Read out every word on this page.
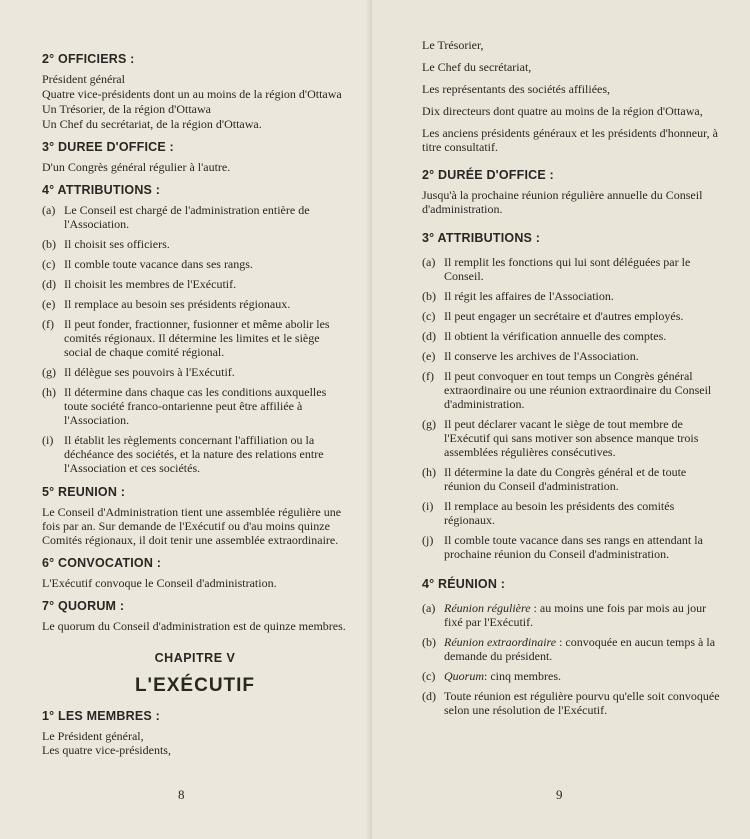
2° OFFICIERS :
Président général
Quatre vice-présidents dont un au moins de la région d'Ottawa
Un Trésorier, de la région d'Ottawa
Un Chef du secrétariat, de la région d'Ottawa.
3° DUREE D'OFFICE :
D'un Congrès général régulier à l'autre.
4° ATTRIBUTIONS :
(a) Le Conseil est chargé de l'administration entière de l'Association.
(b) Il choisit ses officiers.
(c) Il comble toute vacance dans ses rangs.
(d) Il choisit les membres de l'Exécutif.
(e) Il remplace au besoin ses présidents régionaux.
(f) Il peut fonder, fractionner, fusionner et même abolir les comités régionaux. Il détermine les limites et le siège social de chaque comité régional.
(g) Il délègue ses pouvoirs à l'Exécutif.
(h) Il détermine dans chaque cas les conditions auxquelles toute société franco-ontarienne peut être affiliée à l'Association.
(i) Il établit les règlements concernant l'affiliation ou la déchéance des sociétés, et la nature des relations entre l'Association et ces sociétés.
5° REUNION :
Le Conseil d'Administration tient une assemblée régulière une fois par an. Sur demande de l'Exécutif ou d'au moins quinze Comités régionaux, il doit tenir une assemblée extraordinaire.
6° CONVOCATION :
L'Exécutif convoque le Conseil d'administration.
7° QUORUM :
Le quorum du Conseil d'administration est de quinze membres.
CHAPITRE V
L'EXÉCUTIF
1° LES MEMBRES :
Le Président général,
Les quatre vice-présidents,
8
Le Trésorier,
Le Chef du secrétariat,
Les représentants des sociétés affiliées,
Dix directeurs dont quatre au moins de la région d'Ottawa,
Les anciens présidents généraux et les présidents d'honneur, à titre consultatif.
2° DURÉE D'OFFICE :
Jusqu'à la prochaine réunion régulière annuelle du Conseil d'administration.
3° ATTRIBUTIONS :
(a) Il remplit les fonctions qui lui sont déléguées par le Conseil.
(b) Il régit les affaires de l'Association.
(c) Il peut engager un secrétaire et d'autres employés.
(d) Il obtient la vérification annuelle des comptes.
(e) Il conserve les archives de l'Association.
(f) Il peut convoquer en tout temps un Congrès général extraordinaire ou une réunion extraordinaire du Conseil d'administration.
(g) Il peut déclarer vacant le siège de tout membre de l'Exécutif qui sans motiver son absence manque trois assemblées régulières consécutives.
(h) Il détermine la date du Congrès général et de toute réunion du Conseil d'administration.
(i) Il remplace au besoin les présidents des comités régionaux.
(j) Il comble toute vacance dans ses rangs en attendant la prochaine réunion du Conseil d'administration.
4° RÉUNION :
(a) Réunion régulière : au moins une fois par mois au jour fixé par l'Exécutif.
(b) Réunion extraordinaire : convoquée en aucun temps à la demande du président.
(c) Quorum: cinq membres.
(d) Toute réunion est régulière pourvu qu'elle soit convoquée selon une résolution de l'Exécutif.
9
